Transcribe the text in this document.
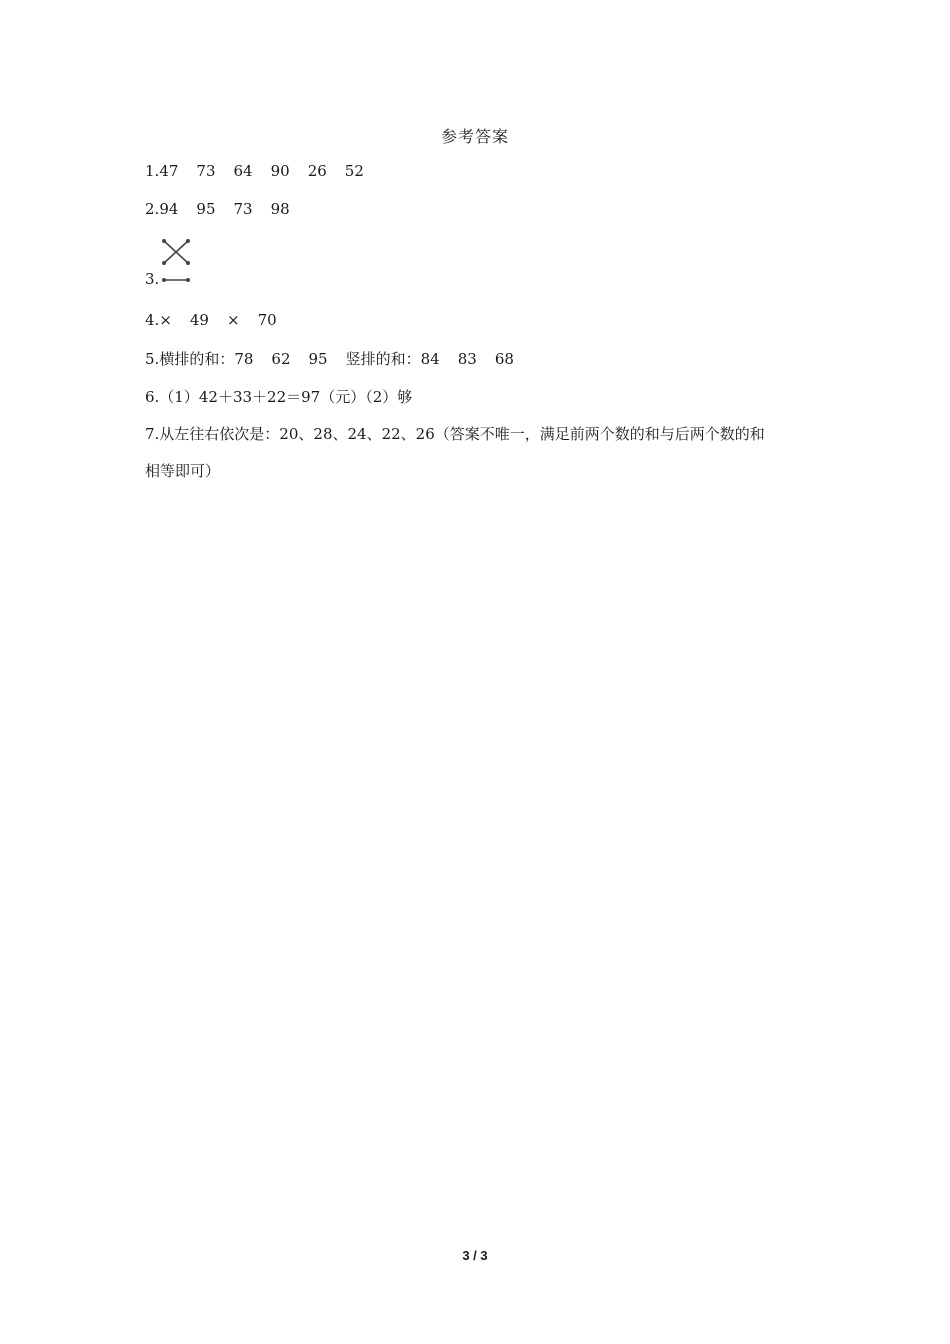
参考答案
1.47 73 64 90 26 52
2.94 95 73 98
3.
4.× 49 × 70
5.横排的和：78 62 95 竖排的和：84 83 68
6.（1）42＋33＋22＝97（元）（2）够
7.从左往右依次是：20、28、24、22、26（答案不唯一，满足前两个数的和与后两个数的和
相等即可）
3 / 3
